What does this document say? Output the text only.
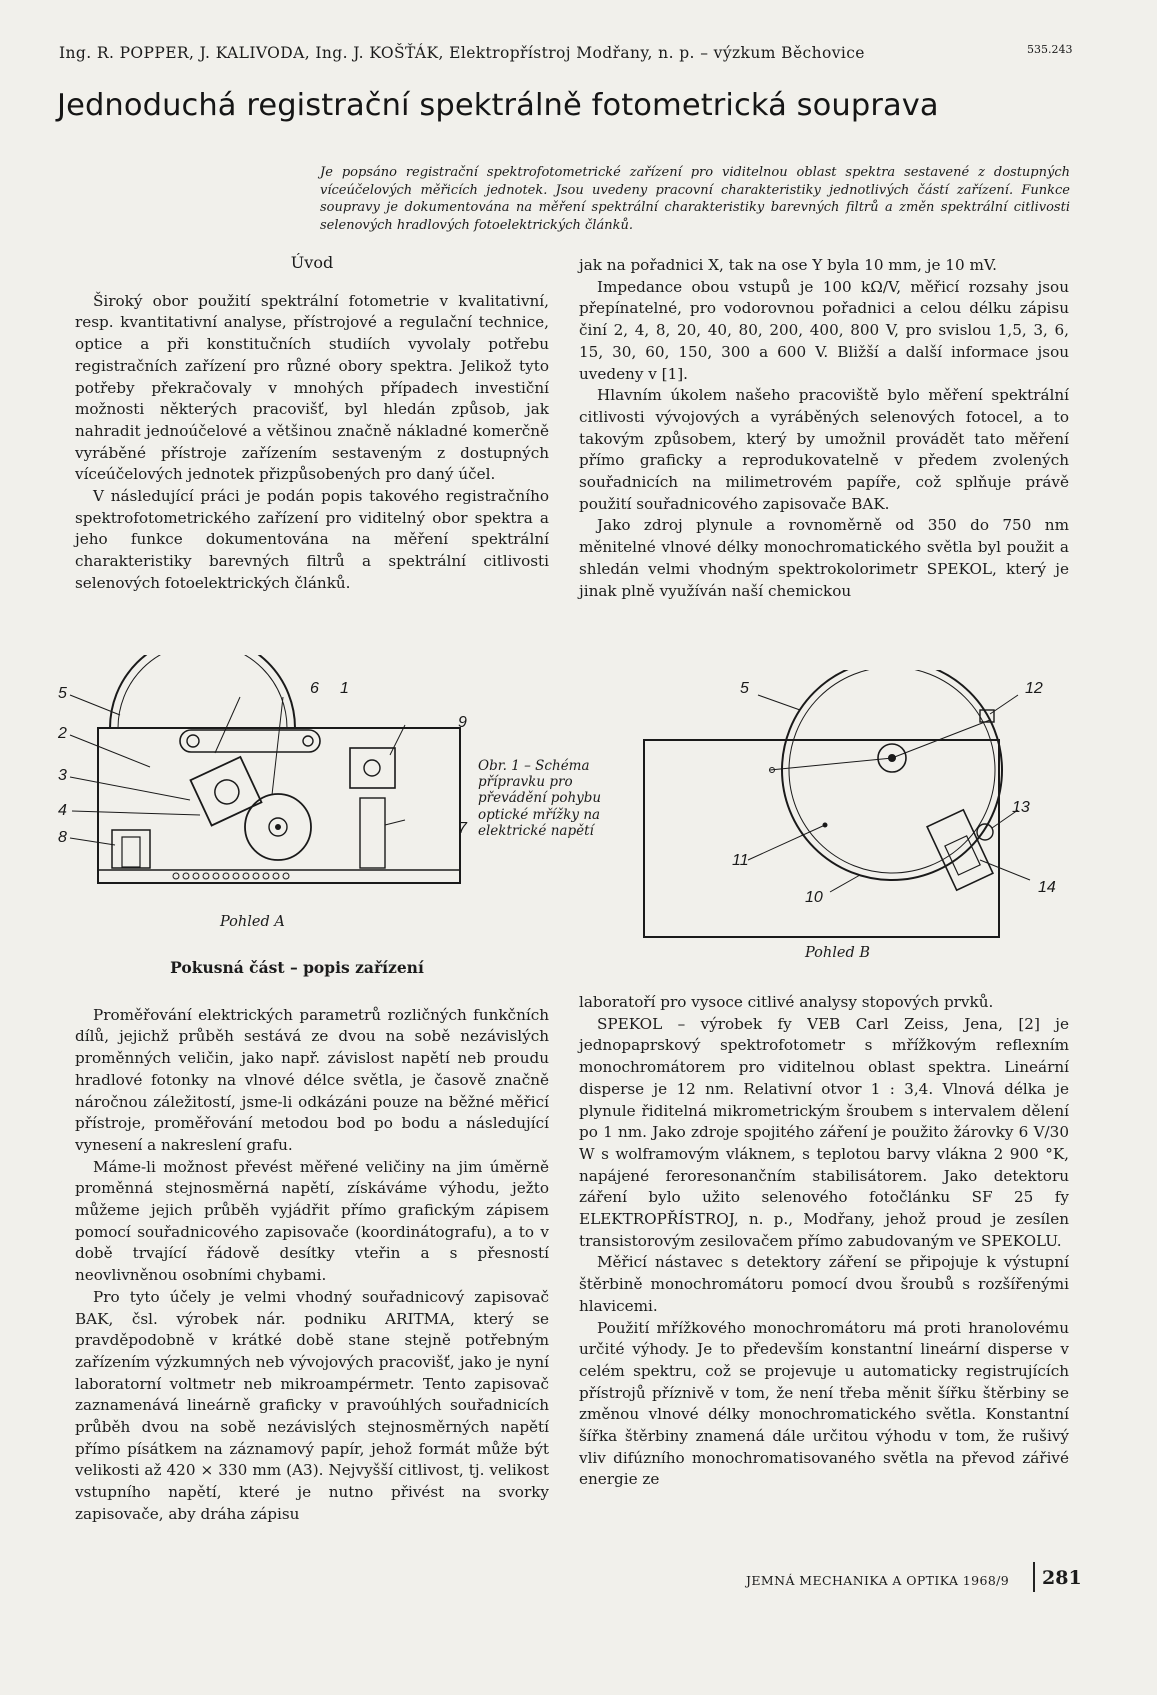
Ing. R. POPPER, J. KALIVODA, Ing. J. KOŠŤÁK, Elektropřístroj Modřany, n. p. – výzkum Běchovice	535.243
Jednoduchá registrační spektrálně fotometrická souprava
Je popsáno registrační spektrofotometrické zařízení pro viditelnou oblast spektra sestavené z dostupných víceúčelových měřicích jednotek. Jsou uvedeny pracovní charakteristiky jednotlivých částí zařízení. Funkce soupravy je dokumentována na měření spektrální charakteristiky barevných filtrů a změn spektrální citlivosti selenových hradlových fotoelektrických článků.
Úvod

Široký obor použití spektrální fotometrie v kvalitativní, resp. kvantitativní analyse, přístrojové a regulační technice, optice a při konstitučních studiích vyvolaly potřebu registračních zařízení pro různé obory spektra. Jelikož tyto potřeby překračovaly v mnohých případech investiční možnosti některých pracovišť, byl hledán způsob, jak nahradit jednoúčelové a většinou značně nákladné komerčně vyráběné přístroje zařízením sestaveným z dostupných víceúčelových jednotek přizpůsobených pro daný účel.

V následující práci je podán popis takového registračního spektrofotometrického zařízení pro viditelný obor spektra a jeho funkce dokumentována na měření spektrální charakteristiky barevných filtrů a spektrální citlivosti selenových fotoelektrických článků.

jak na pořadnici X, tak na ose Y byla 10 mm, je 10 mV.

Impedance obou vstupů je 100 kΩ/V, měřicí rozsahy jsou přepínatelné, pro vodorovnou pořadnici a celou délku zápisu činí 2, 4, 8, 20, 40, 80, 200, 400, 800 V, pro svislou 1,5, 3, 6, 15, 30, 60, 150, 300 a 600 V. Bližší a další informace jsou uvedeny v [1].

Hlavním úkolem našeho pracoviště bylo měření spektrální citlivosti vývojových a vyráběných selenových fotocel, a to takovým způsobem, který by umožnil provádět tato měření přímo graficky a reprodukovatelně v předem zvolených souřadnicích na milimetrovém papíře, což splňuje právě použití souřadnicového zapisovače BAK.

Jako zdroj plynule a rovnoměrně od 350 do 750 nm měnitelné vlnové délky monochromatického světla byl použit a shledán velmi vhodným spektrokolorimetr SPEKOL, který je jinak plně využíván naší chemickou

5
2
3
4
8
6 1
9
7
Pohled A
Obr. 1 – Schéma přípravku pro převádění pohybu optické mřížky na elektrické napětí
5	12
13
11
10
14
Pohled B
Pokusná část – popis zařízení

Proměřování elektrických parametrů rozličných funkčních dílů, jejichž průběh sestává ze dvou na sobě nezávislých proměnných veličin, jako např. závislost napětí neb proudu hradlové fotonky na vlnové délce světla, je časově značně náročnou záležitostí, jsme-li odkázáni pouze na běžné měřicí přístroje, proměřování metodou bod po bodu a následující vynesení a nakreslení grafu.

Máme-li možnost převést měřené veličiny na jim úměrně proměnná stejnosměrná napětí, získáváme výhodu, ježto můžeme jejich průběh vyjádřit přímo grafickým zápisem pomocí souřadnicového zapisovače (koordinátografu), a to v době trvající řádově desítky vteřin a s přesností neovlivněnou osobními chybami.

Pro tyto účely je velmi vhodný souřadnicový zapisovač BAK, čsl. výrobek nár. podniku ARITMA, který se pravděpodobně v krátké době stane stejně potřebným zařízením výzkumných neb vývojových pracovišť, jako je nyní laboratorní voltmetr neb mikroampérmetr. Tento zapisovač zaznamenává lineárně graficky v pravoúhlých souřadnicích průběh dvou na sobě nezávislých stejnosměrných napětí přímo písátkem na záznamový papír, jehož formát může být velikosti až 420 × 330 mm (A3). Nejvyšší citlivost, tj. velikost vstupního napětí, které je nutno přivést na svorky zapisovače, aby dráha zápisu

laboratoří pro vysoce citlivé analysy stopových prvků.

SPEKOL – výrobek fy VEB Carl Zeiss, Jena, [2] je jednopaprskový spektrofotometr s mřížkovým reflexním monochromátorem pro viditelnou oblast spektra. Lineární disperse je 12 nm. Relativní otvor 1 : 3,4. Vlnová délka je plynule řiditelná mikrometrickým šroubem s intervalem dělení po 1 nm. Jako zdroje spojitého záření je použito žárovky 6 V/30 W s wolframovým vláknem, s teplotou barvy vlákna 2 900 °K, napájené feroresonančním stabilisátorem. Jako detektoru záření bylo užito selenového fotočlánku SF 25 fy ELEKTROPŘÍSTROJ, n. p., Modřany, jehož proud je zesílen transistorovým zesilovačem přímo zabudovaným ve SPEKOLU.

Měřicí nástavec s detektory záření se připojuje k výstupní štěrbině monochromátoru pomocí dvou šroubů s rozšířenými hlavicemi.

Použití mřížkového monochromátoru má proti hranolovému určité výhody. Je to především konstantní lineární disperse v celém spektru, což se projevuje u automaticky registrujících přístrojů příznivě v tom, že není třeba měnit šířku štěrbiny se změnou vlnové délky monochromatického světla. Konstantní šířka štěrbiny znamená dále určitou výhodu v tom, že rušivý vliv difúzního monochromatisovaného světla na převod zářivé energie ze

JEMNÁ MECHANIKA A OPTIKA 1968/9 281
